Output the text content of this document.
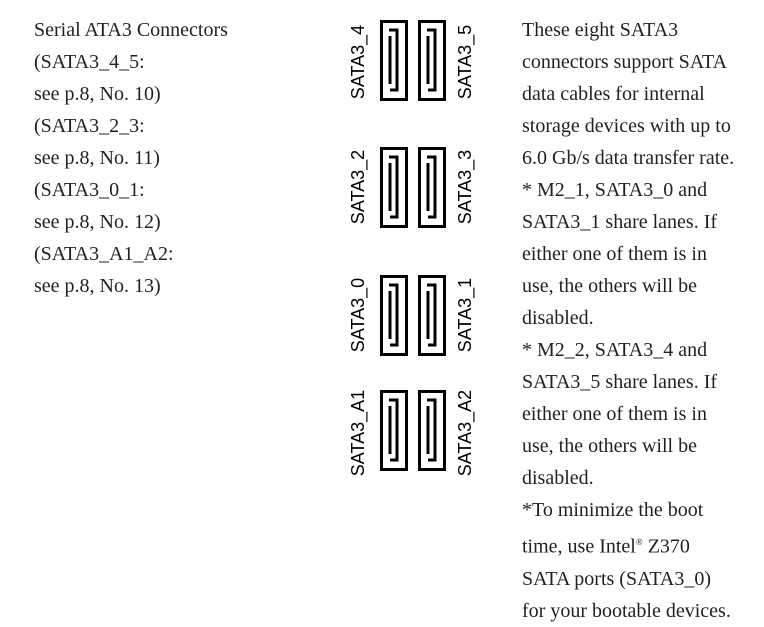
Serial ATA3 Connectors
(SATA3_4_5:
see p.8, No. 10)
(SATA3_2_3:
see p.8, No. 11)
(SATA3_0_1:
see p.8, No. 12)
(SATA3_A1_A2:
see p.8, No. 13)
SATA3_4	SATA3_5
SATA3_2	SATA3_3
SATA3_0	SATA3_1
SATA3_A1	SATA3_A2
These eight SATA3
connectors support SATA
data cables for internal
storage devices with up to
6.0 Gb/s data transfer rate.
* M2_1, SATA3_0 and
SATA3_1 share lanes. If
either one of them is in
use, the others will be
disabled.
* M2_2, SATA3_4 and
SATA3_5 share lanes. If
either one of them is in
use, the others will be
disabled.
*To minimize the boot
time, use Intel® Z370
SATA ports (SATA3_0)
for your bootable devices.
